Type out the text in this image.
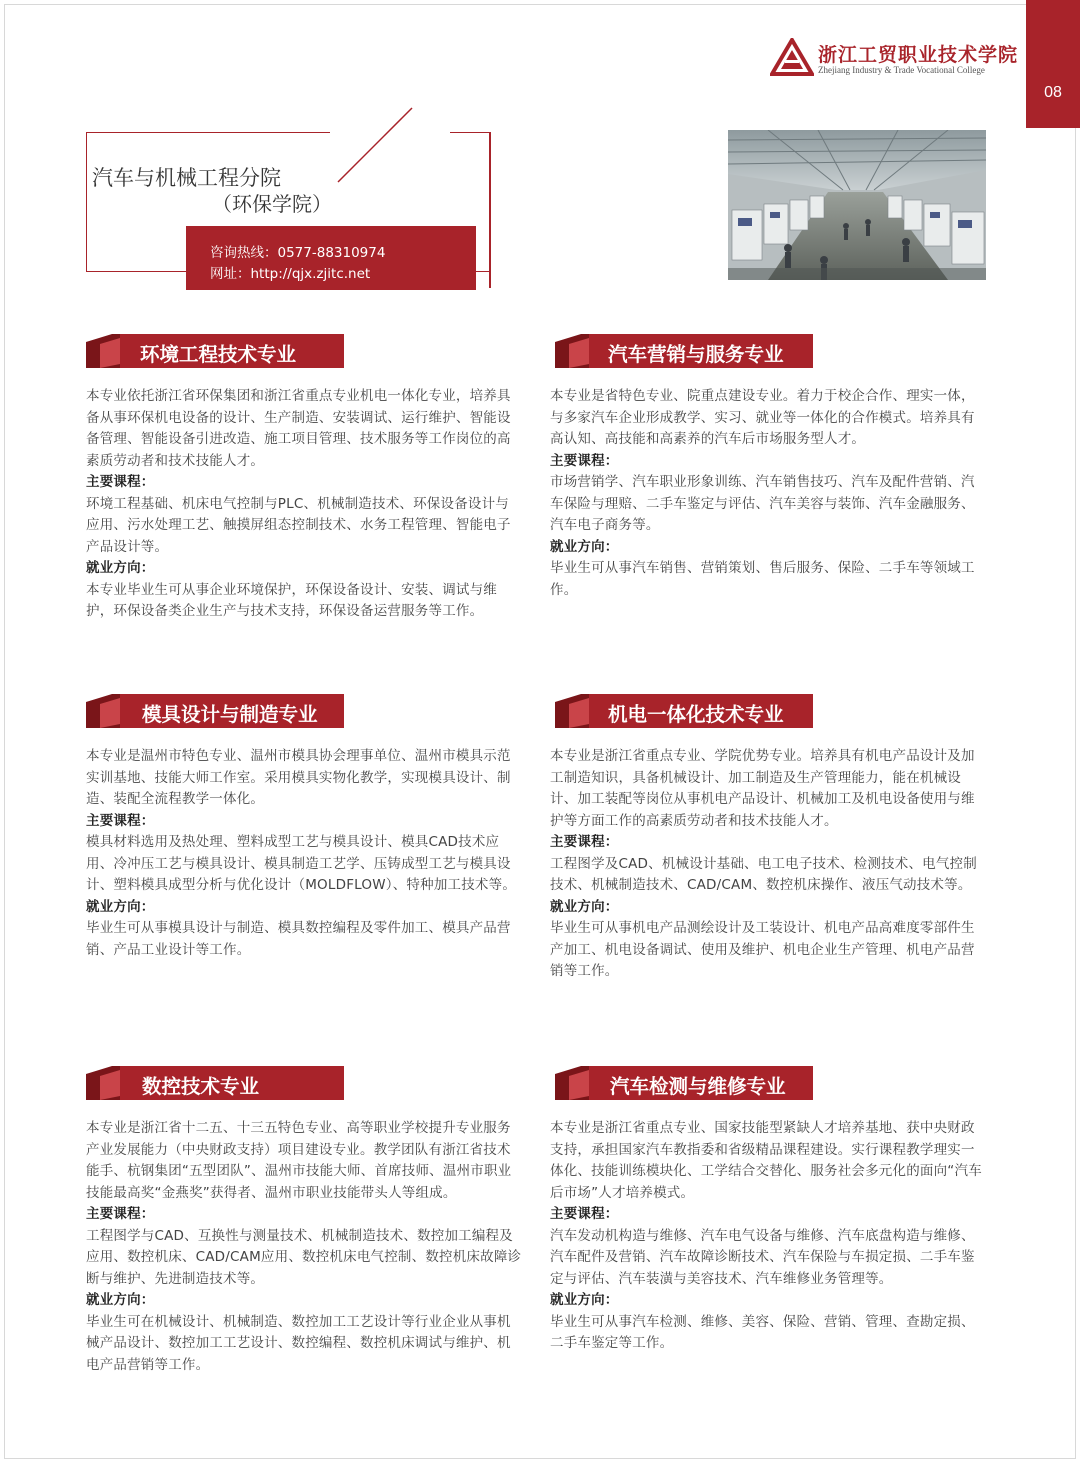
浙江工贸职业技术学院
Zhejiang Industry & Trade Vocational College
08
汽车与机械工程分院
（环保学院）
咨询热线：0577-88310974
网址：http://qjx.zjitc.net
环境工程技术专业

本专业依托浙江省环保集团和浙江省重点专业机电一体化专业，培养具备从事环保机电设备的设计、生产制造、安装调试、运行维护、智能设备管理、智能设备引进改造、施工项目管理、技术服务等工作岗位的高素质劳动者和技术技能人才。

主要课程：

环境工程基础、机床电气控制与PLC、机械制造技术、环保设备设计与应用、污水处理工艺、触摸屏组态控制技术、水务工程管理、智能电子产品设计等。

就业方向：

本专业毕业生可从事企业环境保护，环保设备设计、安装、调试与维护，环保设备类企业生产与技术支持，环保设备运营服务等工作。

汽车营销与服务专业

本专业是省特色专业、院重点建设专业。着力于校企合作、理实一体，与多家汽车企业形成教学、实习、就业等一体化的合作模式。培养具有高认知、高技能和高素养的汽车后市场服务型人才。

主要课程：

市场营销学、汽车职业形象训练、汽车销售技巧、汽车及配件营销、汽车保险与理赔、二手车鉴定与评估、汽车美容与装饰、汽车金融服务、汽车电子商务等。

就业方向：

毕业生可从事汽车销售、营销策划、售后服务、保险、二手车等领域工作。

模具设计与制造专业

本专业是温州市特色专业、温州市模具协会理事单位、温州市模具示范实训基地、技能大师工作室。采用模具实物化教学，实现模具设计、制造、装配全流程教学一体化。

主要课程：

模具材料选用及热处理、塑料成型工艺与模具设计、模具CAD技术应用、冷冲压工艺与模具设计、模具制造工艺学、压铸成型工艺与模具设计、塑料模具成型分析与优化设计（MOLDFLOW）、特种加工技术等。

就业方向：

毕业生可从事模具设计与制造、模具数控编程及零件加工、模具产品营销、产品工业设计等工作。

机电一体化技术专业

本专业是浙江省重点专业、学院优势专业。培养具有机电产品设计及加工制造知识，具备机械设计、加工制造及生产管理能力，能在机械设计、加工装配等岗位从事机电产品设计、机械加工及机电设备使用与维护等方面工作的高素质劳动者和技术技能人才。

主要课程：

工程图学及CAD、机械设计基础、电工电子技术、检测技术、电气控制技术、机械制造技术、CAD/CAM、数控机床操作、液压气动技术等。

就业方向：

毕业生可从事机电产品测绘设计及工装设计、机电产品高难度零部件生产加工、机电设备调试、使用及维护、机电企业生产管理、机电产品营销等工作。

数控技术专业

本专业是浙江省十二五、十三五特色专业、高等职业学校提升专业服务产业发展能力（中央财政支持）项目建设专业。教学团队有浙江省技术能手、杭钢集团“五型团队”、温州市技能大师、首席技师、温州市职业技能最高奖“金燕奖”获得者、温州市职业技能带头人等组成。

主要课程：

工程图学与CAD、互换性与测量技术、机械制造技术、数控加工编程及应用、数控机床、CAD/CAM应用、数控机床电气控制、数控机床故障诊断与维护、先进制造技术等。

就业方向：

毕业生可在机械设计、机械制造、数控加工工艺设计等行业企业从事机械产品设计、数控加工工艺设计、数控编程、数控机床调试与维护、机电产品营销等工作。

汽车检测与维修专业

本专业是浙江省重点专业、国家技能型紧缺人才培养基地、获中央财政支持，承担国家汽车教指委和省级精品课程建设。实行课程教学理实一体化、技能训练模块化、工学结合交替化、服务社会多元化的面向“汽车后市场”人才培养模式。

主要课程：

汽车发动机构造与维修、汽车电气设备与维修、汽车底盘构造与维修、汽车配件及营销、汽车故障诊断技术、汽车保险与车损定损、二手车鉴定与评估、汽车装潢与美容技术、汽车维修业务管理等。

就业方向：

毕业生可从事汽车检测、维修、美容、保险、营销、管理、查勘定损、二手车鉴定等工作。
